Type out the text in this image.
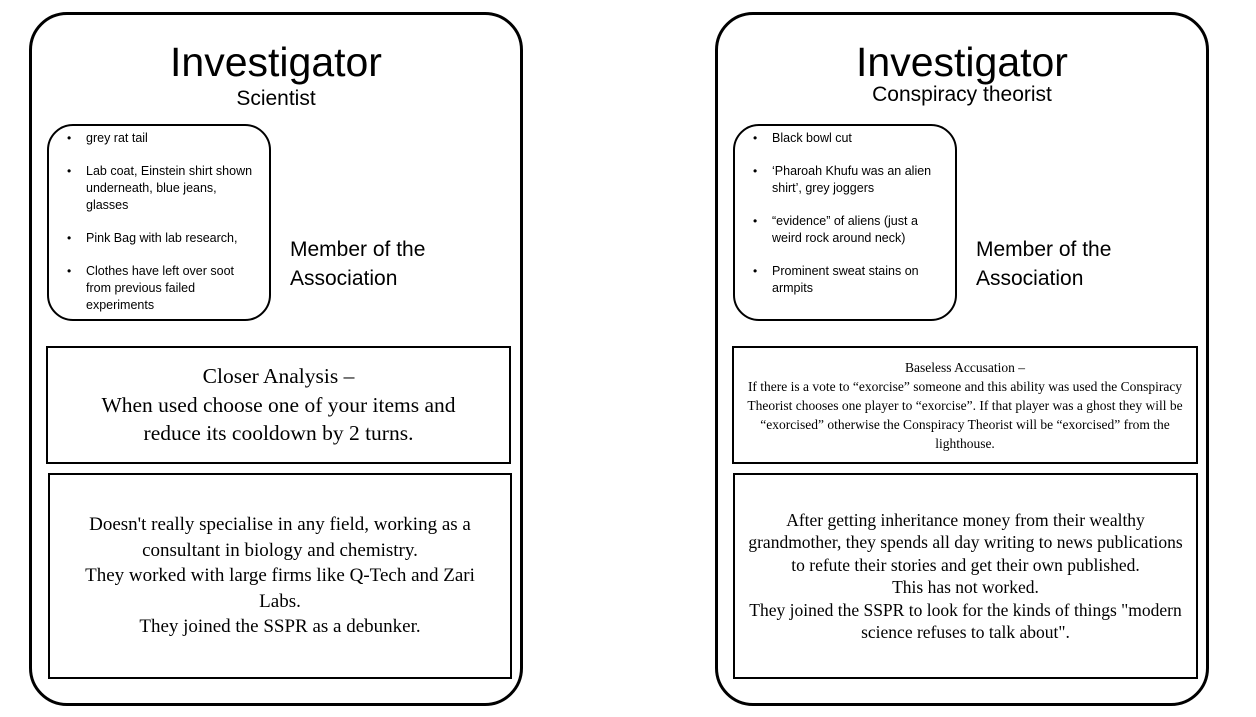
Investigator
Scientist
• grey rat tail
• Lab coat, Einstein shirt shown underneath, blue jeans, glasses
• Pink Bag with lab research,
• Clothes have left over soot from previous failed experiments
Member of the Association
Closer Analysis –
When used choose one of your items and
reduce its cooldown by 2 turns.
Doesn't really specialise in any field, working as a consultant in biology and chemistry.
They worked with large firms like Q-Tech and Zari Labs.
They joined the SSPR as a debunker.
Investigator
Conspiracy theorist
• Black bowl cut
• ‘Pharoah Khufu was an alien shirt’, grey joggers
• “evidence” of aliens (just a weird rock around neck)
• Prominent sweat stains on armpits
Member of the Association
Baseless Accusation –
If there is a vote to “exorcise” someone and this ability was used the Conspiracy Theorist chooses one player to “exorcise”. If that player was a ghost they will be “exorcised” otherwise the Conspiracy Theorist will be “exorcised” from the lighthouse.
After getting inheritance money from their wealthy grandmother, they spends all day writing to news publications to refute their stories and get their own published.
This has not worked.
They joined the SSPR to look for the kinds of things "modern science refuses to talk about".
